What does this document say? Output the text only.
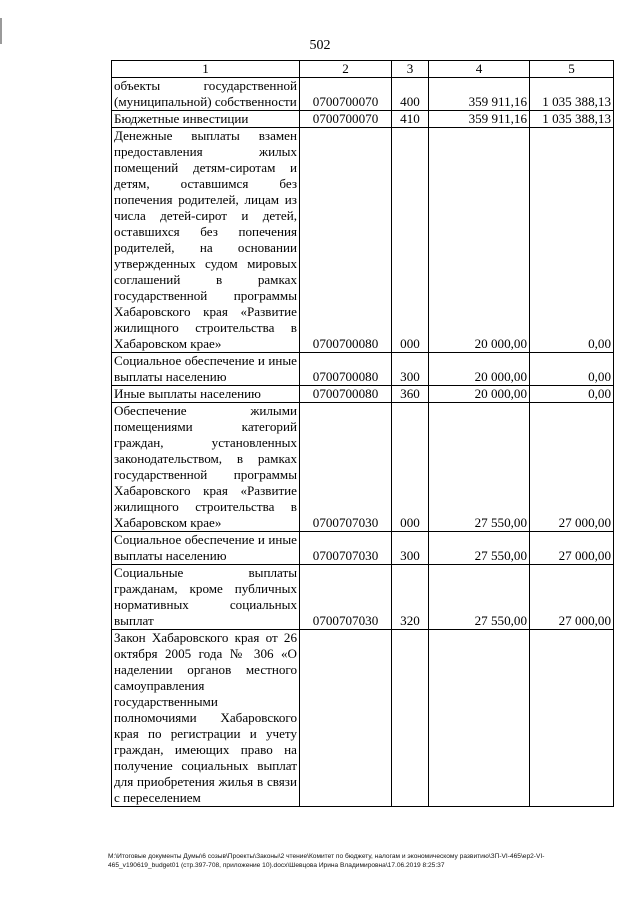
502
1	2	3	4	5
объекты государственной (муниципальной) собственности	0700700070	400	359 911,16	1 035 388,13
Бюджетные инвестиции	0700700070	410	359 911,16	1 035 388,13
Денежные выплаты взамен предоставления жилых помещений детям-сиротам и детям, оставшимся без попечения родителей, лицам из числа детей-сирот и детей, оставшихся без попечения родителей, на основании утвержденных судом мировых соглашений в рамках государственной программы Хабаровского края «Развитие жилищного строительства в Хабаровском крае»	0700700080	000	20 000,00	0,00
Социальное обеспечение и иные выплаты населению	0700700080	300	20 000,00	0,00
Иные выплаты населению	0700700080	360	20 000,00	0,00
Обеспечение жилыми помещениями категорий граждан, установленных законодательством, в рамках государственной программы Хабаровского края «Развитие жилищного строительства в Хабаровском крае»	0700707030	000	27 550,00	27 000,00
Социальное обеспечение и иные выплаты населению	0700707030	300	27 550,00	27 000,00
Социальные выплаты гражданам, кроме публичных нормативных социальных выплат	0700707030	320	27 550,00	27 000,00
Закон Хабаровского края от 26 октября 2005 года № 306 «О наделении органов местного самоуправления государственными полномочиями Хабаровского края по регистрации и учету граждан, имеющих право на получение социальных выплат для приобретения жилья в связи с переселением				
M:\Итоговые документы Думы\6 созыв\Проекты\Законы\2 чтение\Комитет по бюджету, налогам и экономическому развитию\ЗП-VI-465\ер2-VI-
465_v190619_budget01 (стр.397-708, приложение 10).docx\Шевцова Ирина Владимировна\17.06.2019 8:25:37
